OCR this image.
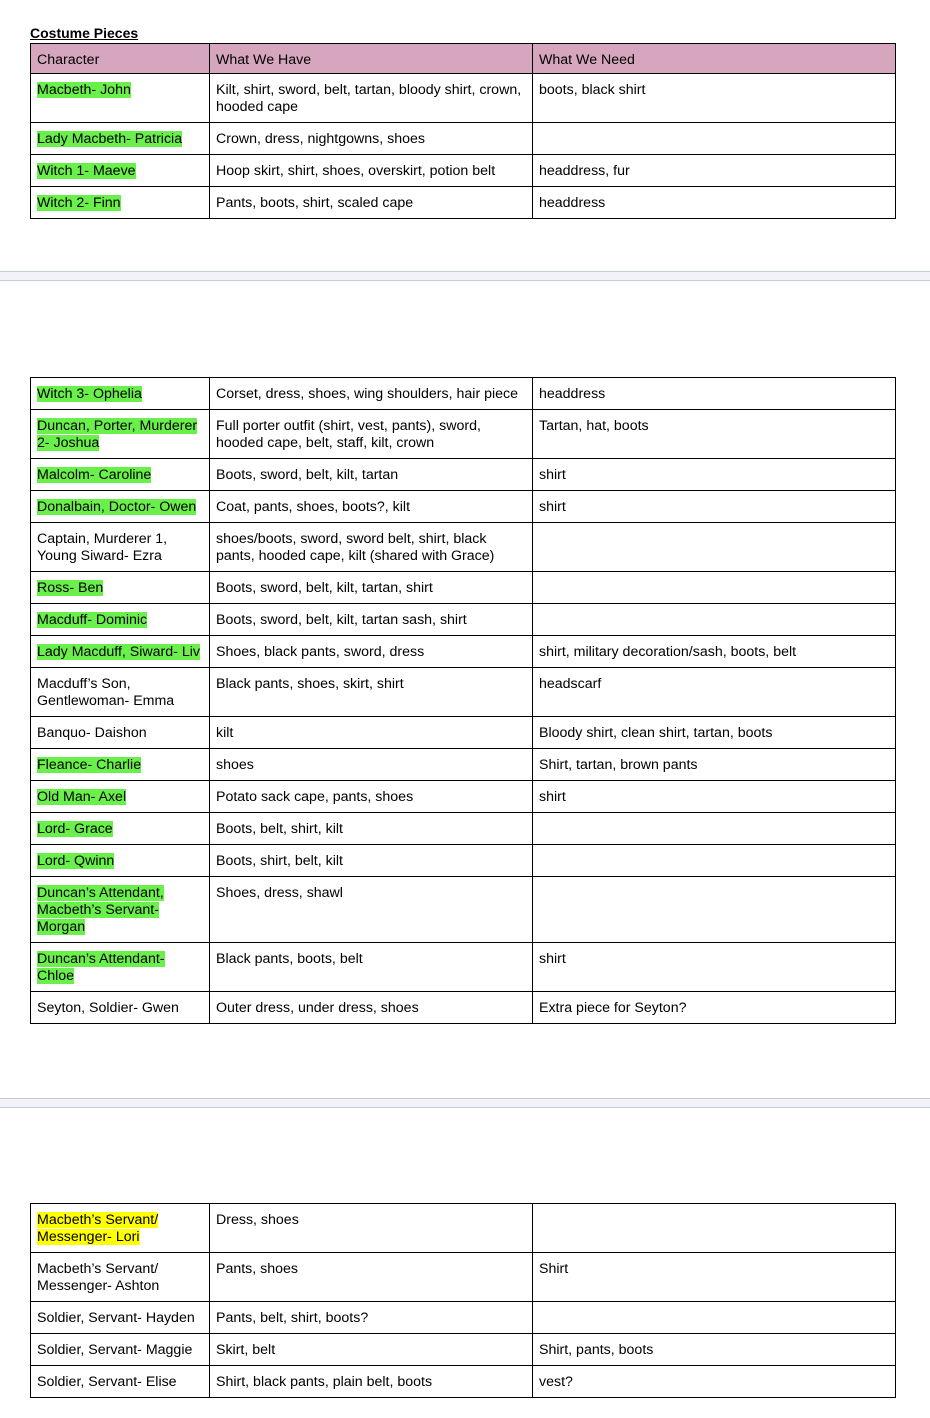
Costume Pieces
Character	What We Have	What We Need
Macbeth- John	Kilt, shirt, sword, belt, tartan, bloody shirt, crown, hooded cape	boots, black shirt
Lady Macbeth- Patricia	Crown, dress, nightgowns, shoes	
Witch 1- Maeve	Hoop skirt, shirt, shoes, overskirt, potion belt	headdress, fur
Witch 2- Finn	Pants, boots, shirt, scaled cape	headdress
Witch 3- Ophelia	Corset, dress, shoes, wing shoulders, hair piece	headdress
Duncan, Porter, Murderer 2- Joshua	Full porter outfit (shirt, vest, pants), sword, hooded cape, belt, staff, kilt, crown	Tartan, hat, boots
Malcolm- Caroline	Boots, sword, belt, kilt, tartan	shirt
Donalbain, Doctor- Owen	Coat, pants, shoes, boots?, kilt	shirt
Captain, Murderer 1, Young Siward- Ezra	shoes/boots, sword, sword belt, shirt, black pants, hooded cape, kilt (shared with Grace)	
Ross- Ben	Boots, sword, belt, kilt, tartan, shirt	
Macduff- Dominic	Boots, sword, belt, kilt, tartan sash, shirt	
Lady Macduff, Siward- Liv	Shoes, black pants, sword, dress	shirt, military decoration/sash, boots, belt
Macduff’s Son, Gentlewoman- Emma	Black pants, shoes, skirt, shirt	headscarf
Banquo- Daishon	kilt	Bloody shirt, clean shirt, tartan, boots
Fleance- Charlie	shoes	Shirt, tartan, brown pants
Old Man- Axel	Potato sack cape, pants, shoes	shirt
Lord- Grace	Boots, belt, shirt, kilt	
Lord- Qwinn	Boots, shirt, belt, kilt	
Duncan’s Attendant, Macbeth’s Servant- Morgan	Shoes, dress, shawl	
Duncan’s Attendant- Chloe	Black pants, boots, belt	shirt
Seyton, Soldier- Gwen	Outer dress, under dress, shoes	Extra piece for Seyton?
Macbeth’s Servant/ Messenger- Lori	Dress, shoes	
Macbeth’s Servant/ Messenger- Ashton	Pants, shoes	Shirt
Soldier, Servant- Hayden	Pants, belt, shirt, boots?	
Soldier, Servant- Maggie	Skirt, belt	Shirt, pants, boots
Soldier, Servant- Elise	Shirt, black pants, plain belt, boots	vest?
